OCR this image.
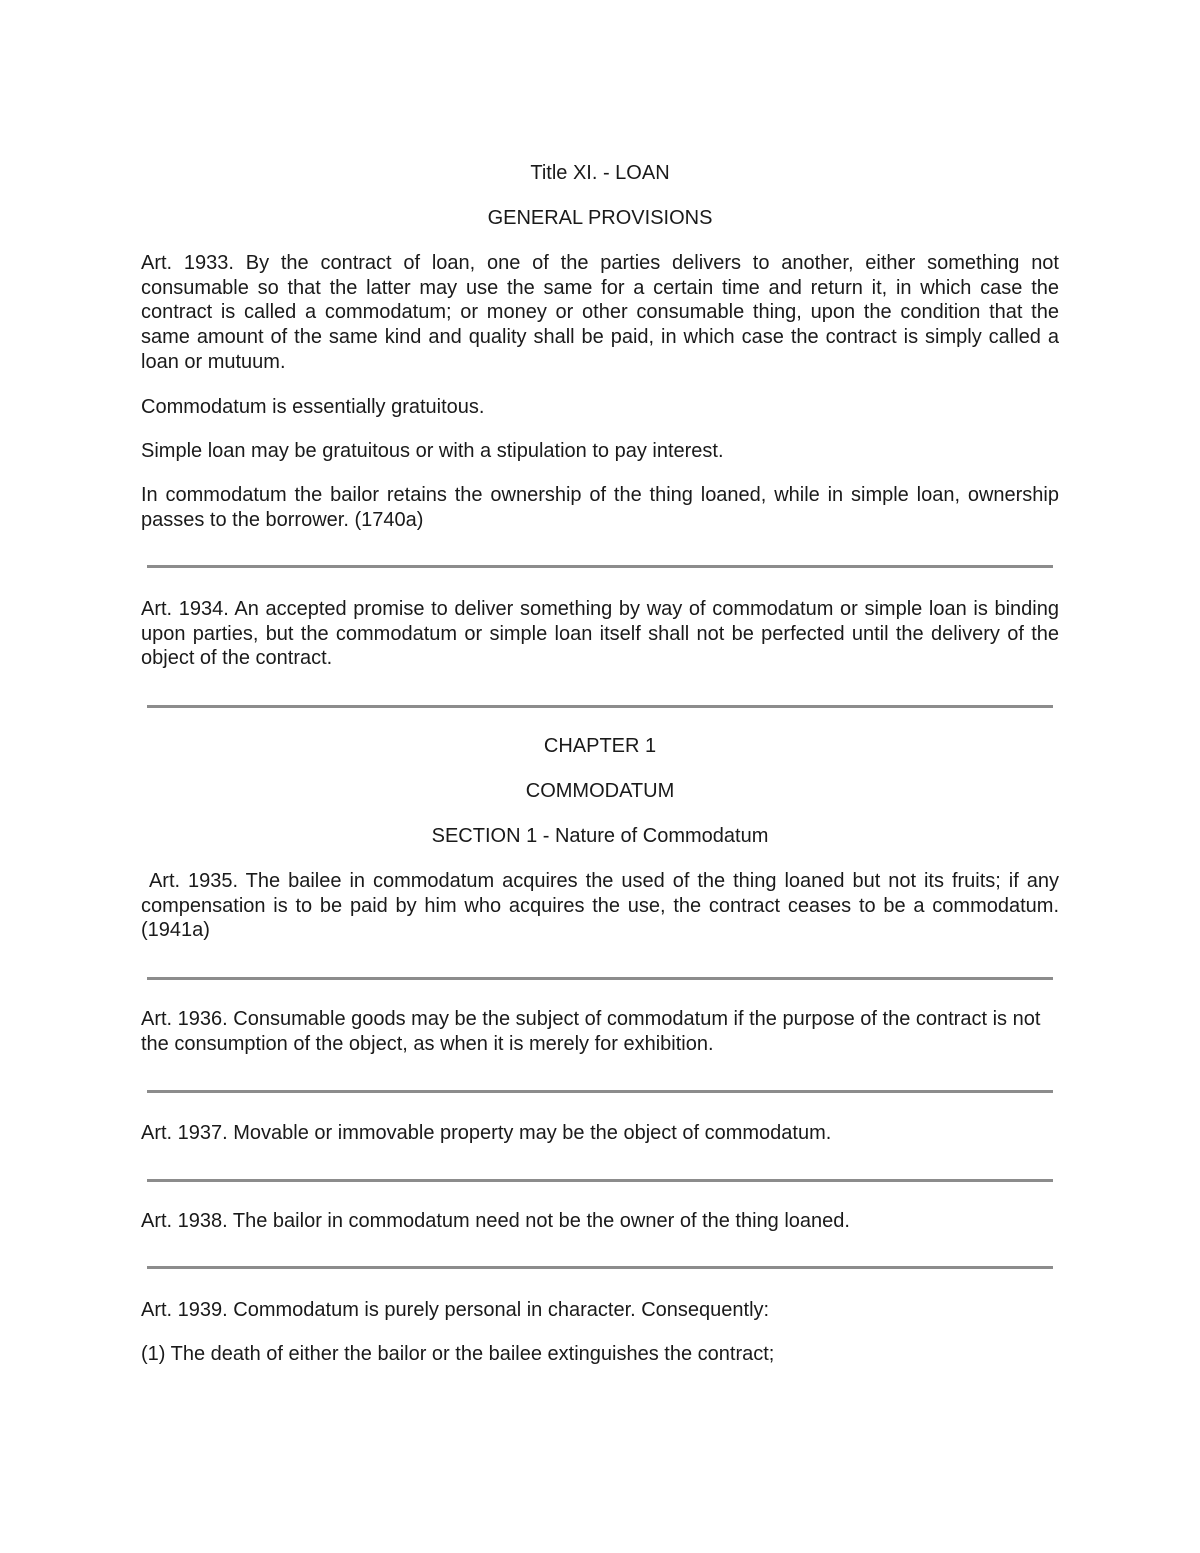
Title XI. - LOAN

GENERAL PROVISIONS

Art. 1933. By the contract of loan, one of the parties delivers to another, either something not consumable so that the latter may use the same for a certain time and return it, in which case the contract is called a commodatum; or money or other consumable thing, upon the condition that the same amount of the same kind and quality shall be paid, in which case the contract is simply called a loan or mutuum.

Commodatum is essentially gratuitous.

Simple loan may be gratuitous or with a stipulation to pay interest.

In commodatum the bailor retains the ownership of the thing loaned, while in simple loan, ownership passes to the borrower. (1740a)

Art. 1934. An accepted promise to deliver something by way of commodatum or simple loan is binding upon parties, but the commodatum or simple loan itself shall not be perfected until the delivery of the object of the contract.

CHAPTER 1

COMMODATUM

SECTION 1 - Nature of Commodatum

Art. 1935. The bailee in commodatum acquires the used of the thing loaned but not its fruits; if any compensation is to be paid by him who acquires the use, the contract ceases to be a commodatum. (1941a)

Art. 1936. Consumable goods may be the subject of commodatum if the purpose of the contract is not the consumption of the object, as when it is merely for exhibition.

Art. 1937. Movable or immovable property may be the object of commodatum.

Art. 1938. The bailor in commodatum need not be the owner of the thing loaned.

Art. 1939. Commodatum is purely personal in character. Consequently:

(1) The death of either the bailor or the bailee extinguishes the contract;
